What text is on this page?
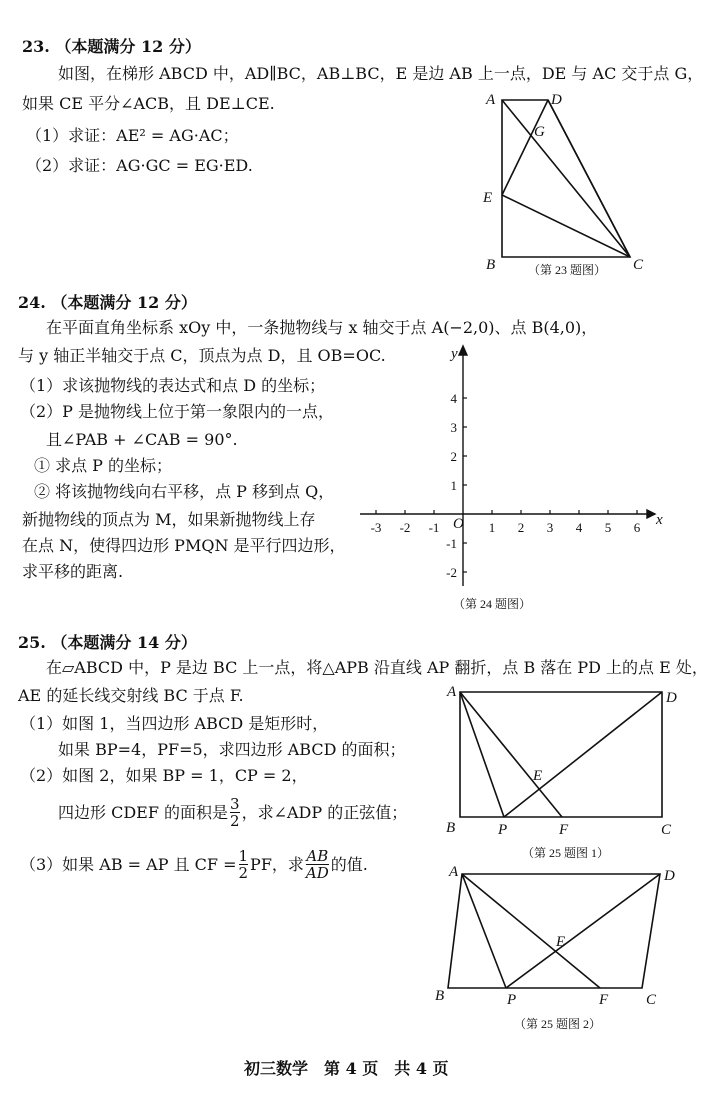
23. （本题满分 12 分）
如图，在梯形 ABCD 中，AD∥BC，AB⊥BC，E 是边 AB 上一点，DE 与 AC 交于点 G，
如果 CE 平分∠ACB，且 DE⊥CE.
（1）求证：AE² = AG·AC；
（2）求证：AG·GC = EG·ED.
A	D
G
E
B	C
（第 23 题图）
24. （本题满分 12 分）
在平面直角坐标系 xOy 中，一条抛物线与 x 轴交于点 A(−2,0)、点 B(4,0)，
与 y 轴正半轴交于点 C，顶点为点 D，且 OB=OC.
（1）求该抛物线的表达式和点 D 的坐标；
（2）P 是抛物线上位于第一象限内的一点，
且∠PAB + ∠CAB = 90°.
① 求点 P 的坐标；
② 将该抛物线向右平移，点 P 移到点 Q，
新抛物线的顶点为 M，如果新抛物线上存
在点 N，使得四边形 PMQN 是平行四边形，
求平移的距离.
-3 -2 -1	1 2 3 4 5 6
4
3
2
1
-1
-2
x
y
O
（第 24 题图）
25. （本题满分 14 分）
在▱ABCD 中，P 是边 BC 上一点，将△APB 沿直线 AP 翻折，点 B 落在 PD 上的点 E 处，
AE 的延长线交射线 BC 于点 F.
（1）如图 1，当四边形 ABCD 是矩形时，
如果 BP=4，PF=5，求四边形 ABCD 的面积；
（2）如图 2，如果 BP = 1，CP = 2，
四边形 CDEF 的面积是 $\frac{3}{2}$ ，求∠ADP 的正弦值；
（3）如果 AB = AP 且 CF = $\frac{1}{2}$ PF，求 $\frac{AB}{AD}$ 的值.
A	D
E
B	P	F	C
（第 25 题图 1）
A	D
E
B	P	F	C
（第 25 题图 2）
初三数学　第 4 页　共 4 页
